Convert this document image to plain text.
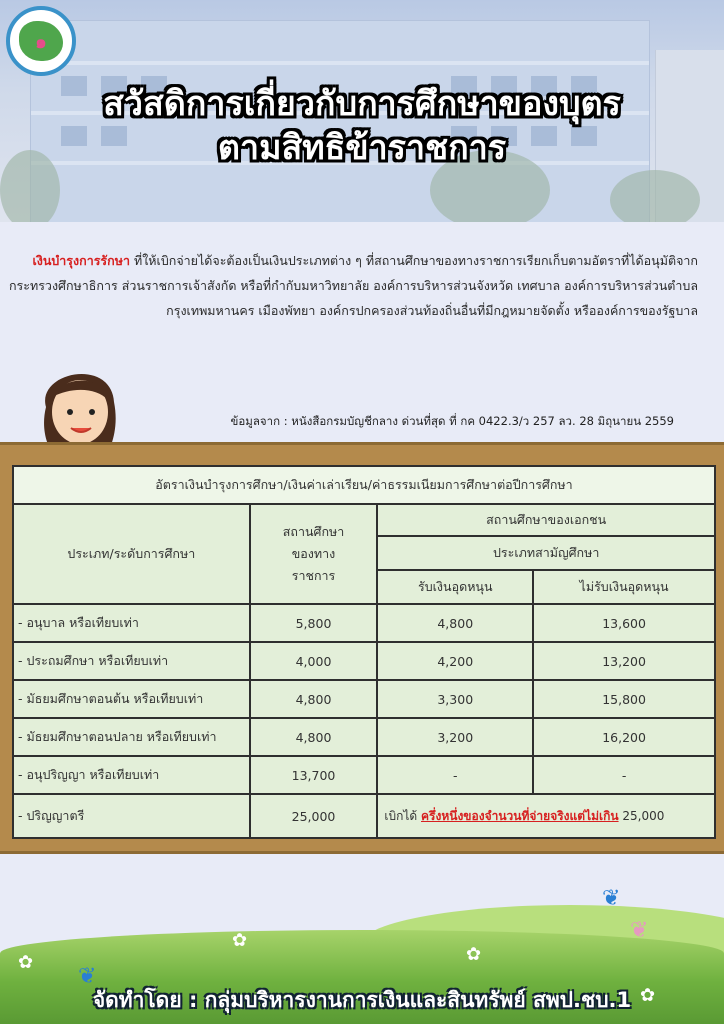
๑
สวัสดิการเกี่ยวกับการศึกษาของบุตร
ตามสิทธิข้าราชการ
เงินบำรุงการรักษา ที่ให้เบิกจ่ายได้จะต้องเป็นเงินประเภทต่าง ๆ ที่สถานศึกษาของทางราชการเรียกเก็บตามอัตราที่ได้อนุมัติจากกระทรวงศึกษาธิการ ส่วนราชการเจ้าสังกัด หรือที่กำกับมหาวิทยาลัย องค์การบริหารส่วนจังหวัด เทศบาล องค์การบริหารส่วนตำบล กรุงเทพมหานคร เมืองพัทยา องค์กรปกครองส่วนท้องถิ่นอื่นที่มีกฎหมายจัดตั้ง หรือองค์การของรัฐบาล
ข้อมูลจาก : หนังสือกรมบัญชีกลาง ด่วนที่สุด ที่ กค 0422.3/ว 257 ลว. 28 มิถุนายน 2559
อัตราเงินบำรุงการศึกษา/เงินค่าเล่าเรียน/ค่าธรรมเนียมการศึกษาต่อปีการศึกษา			
ประเภท/ระดับการศึกษา	สถานศึกษาของทางราชการ	สถานศึกษาของเอกชน	
		ประเภทสามัญศึกษา	
		รับเงินอุดหนุน	ไม่รับเงินอุดหนุน
- อนุบาล หรือเทียบเท่า	5,800	4,800	13,600
- ประถมศึกษา หรือเทียบเท่า	4,000	4,200	13,200
- มัธยมศึกษาตอนต้น หรือเทียบเท่า	4,800	3,300	15,800
- มัธยมศึกษาตอนปลาย หรือเทียบเท่า	4,800	3,200	16,200
- อนุปริญญา หรือเทียบเท่า	13,700	-	-
- ปริญญาตรี	25,000	เบิกได้ ครึ่งหนึ่งของจำนวนที่จ่ายจริงแต่ไม่เกิน 25,000	
✿
✿	✿
✿
❦
❦
❦
จัดทำโดย : กลุ่มบริหารงานการเงินและสินทรัพย์ สพป.ชบ.1
